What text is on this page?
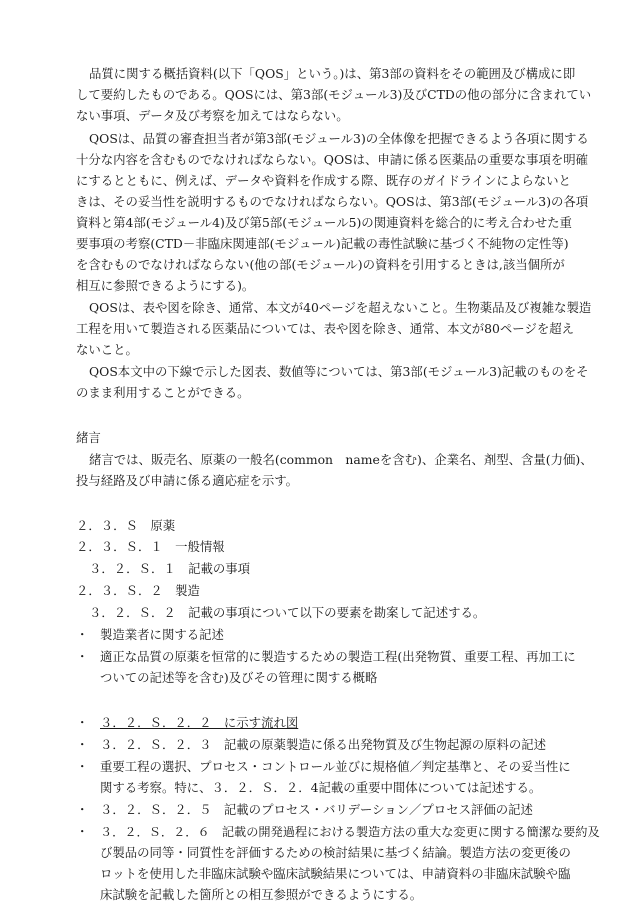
品質に関する概括資料(以下「QOS」という。)は、第3部の資料をその範囲及び構成に即
して要約したものである。QOSには、第3部(モジュール3)及びCTDの他の部分に含まれてい
ない事項、データ及び考察を加えてはならない。
QOSは、品質の審査担当者が第3部(モジュール3)の全体像を把握できるよう各項に関する
十分な内容を含むものでなければならない。QOSは、申請に係る医薬品の重要な事項を明確
にするとともに、例えば、データや資料を作成する際、既存のガイドラインによらないと
きは、その妥当性を説明するものでなければならない。QOSは、第3部(モジュール3)の各項
資料と第4部(モジュール4)及び第5部(モジュール5)の関連資料を総合的に考え合わせた重
要事項の考察(CTD－非臨床関連部(モジュール)記載の毒性試験に基づく不純物の定性等)
を含むものでなければならない(他の部(モジュール)の資料を引用するときは,該当個所が
相互に参照できるようにする)。
QOSは、表や図を除き、通常、本文が40ページを超えないこと。生物薬品及び複雑な製造
工程を用いて製造される医薬品については、表や図を除き、通常、本文が80ページを超え
ないこと。
QOS本文中の下線で示した図表、数値等については、第3部(モジュール3)記載のものをそ
のまま利用することができる。
緒言
緒言では、販売名、原薬の一般名(common　nameを含む)、企業名、剤型、含量(力価)、
投与経路及び申請に係る適応症を示す。
２．３．Ｓ　原薬
２．３．Ｓ．１　一般情報
３．２．Ｓ．１　記載の事項
２．３．Ｓ．２　製造
３．２．Ｓ．２　記載の事項について以下の要素を勘案して記述する。
・ 製造業者に関する記述
・ 適正な品質の原薬を恒常的に製造するための製造工程(出発物質、重要工程、再加工に
ついての記述等を含む)及びその管理に関する概略
・ ３．２．Ｓ．２．２　に示す流れ図
・ ３．２．Ｓ．２．３　記載の原薬製造に係る出発物質及び生物起源の原料の記述
・ 重要工程の選択、プロセス・コントロール並びに規格値／判定基準と、その妥当性に
関する考察。特に、３．２．Ｓ．２．4記載の重要中間体については記述する。
・ ３．２．Ｓ．２．５　記載のプロセス・バリデーション／プロセス評価の記述
・ ３．２．Ｓ．２．６　記載の開発過程における製造方法の重大な変更に関する簡潔な要約及
び製品の同等・同質性を評価するための検討結果に基づく結論。製造方法の変更後の
ロットを使用した非臨床試験や臨床試験結果については、申請資料の非臨床試験や臨
床試験を記載した箇所との相互参照ができるようにする。
